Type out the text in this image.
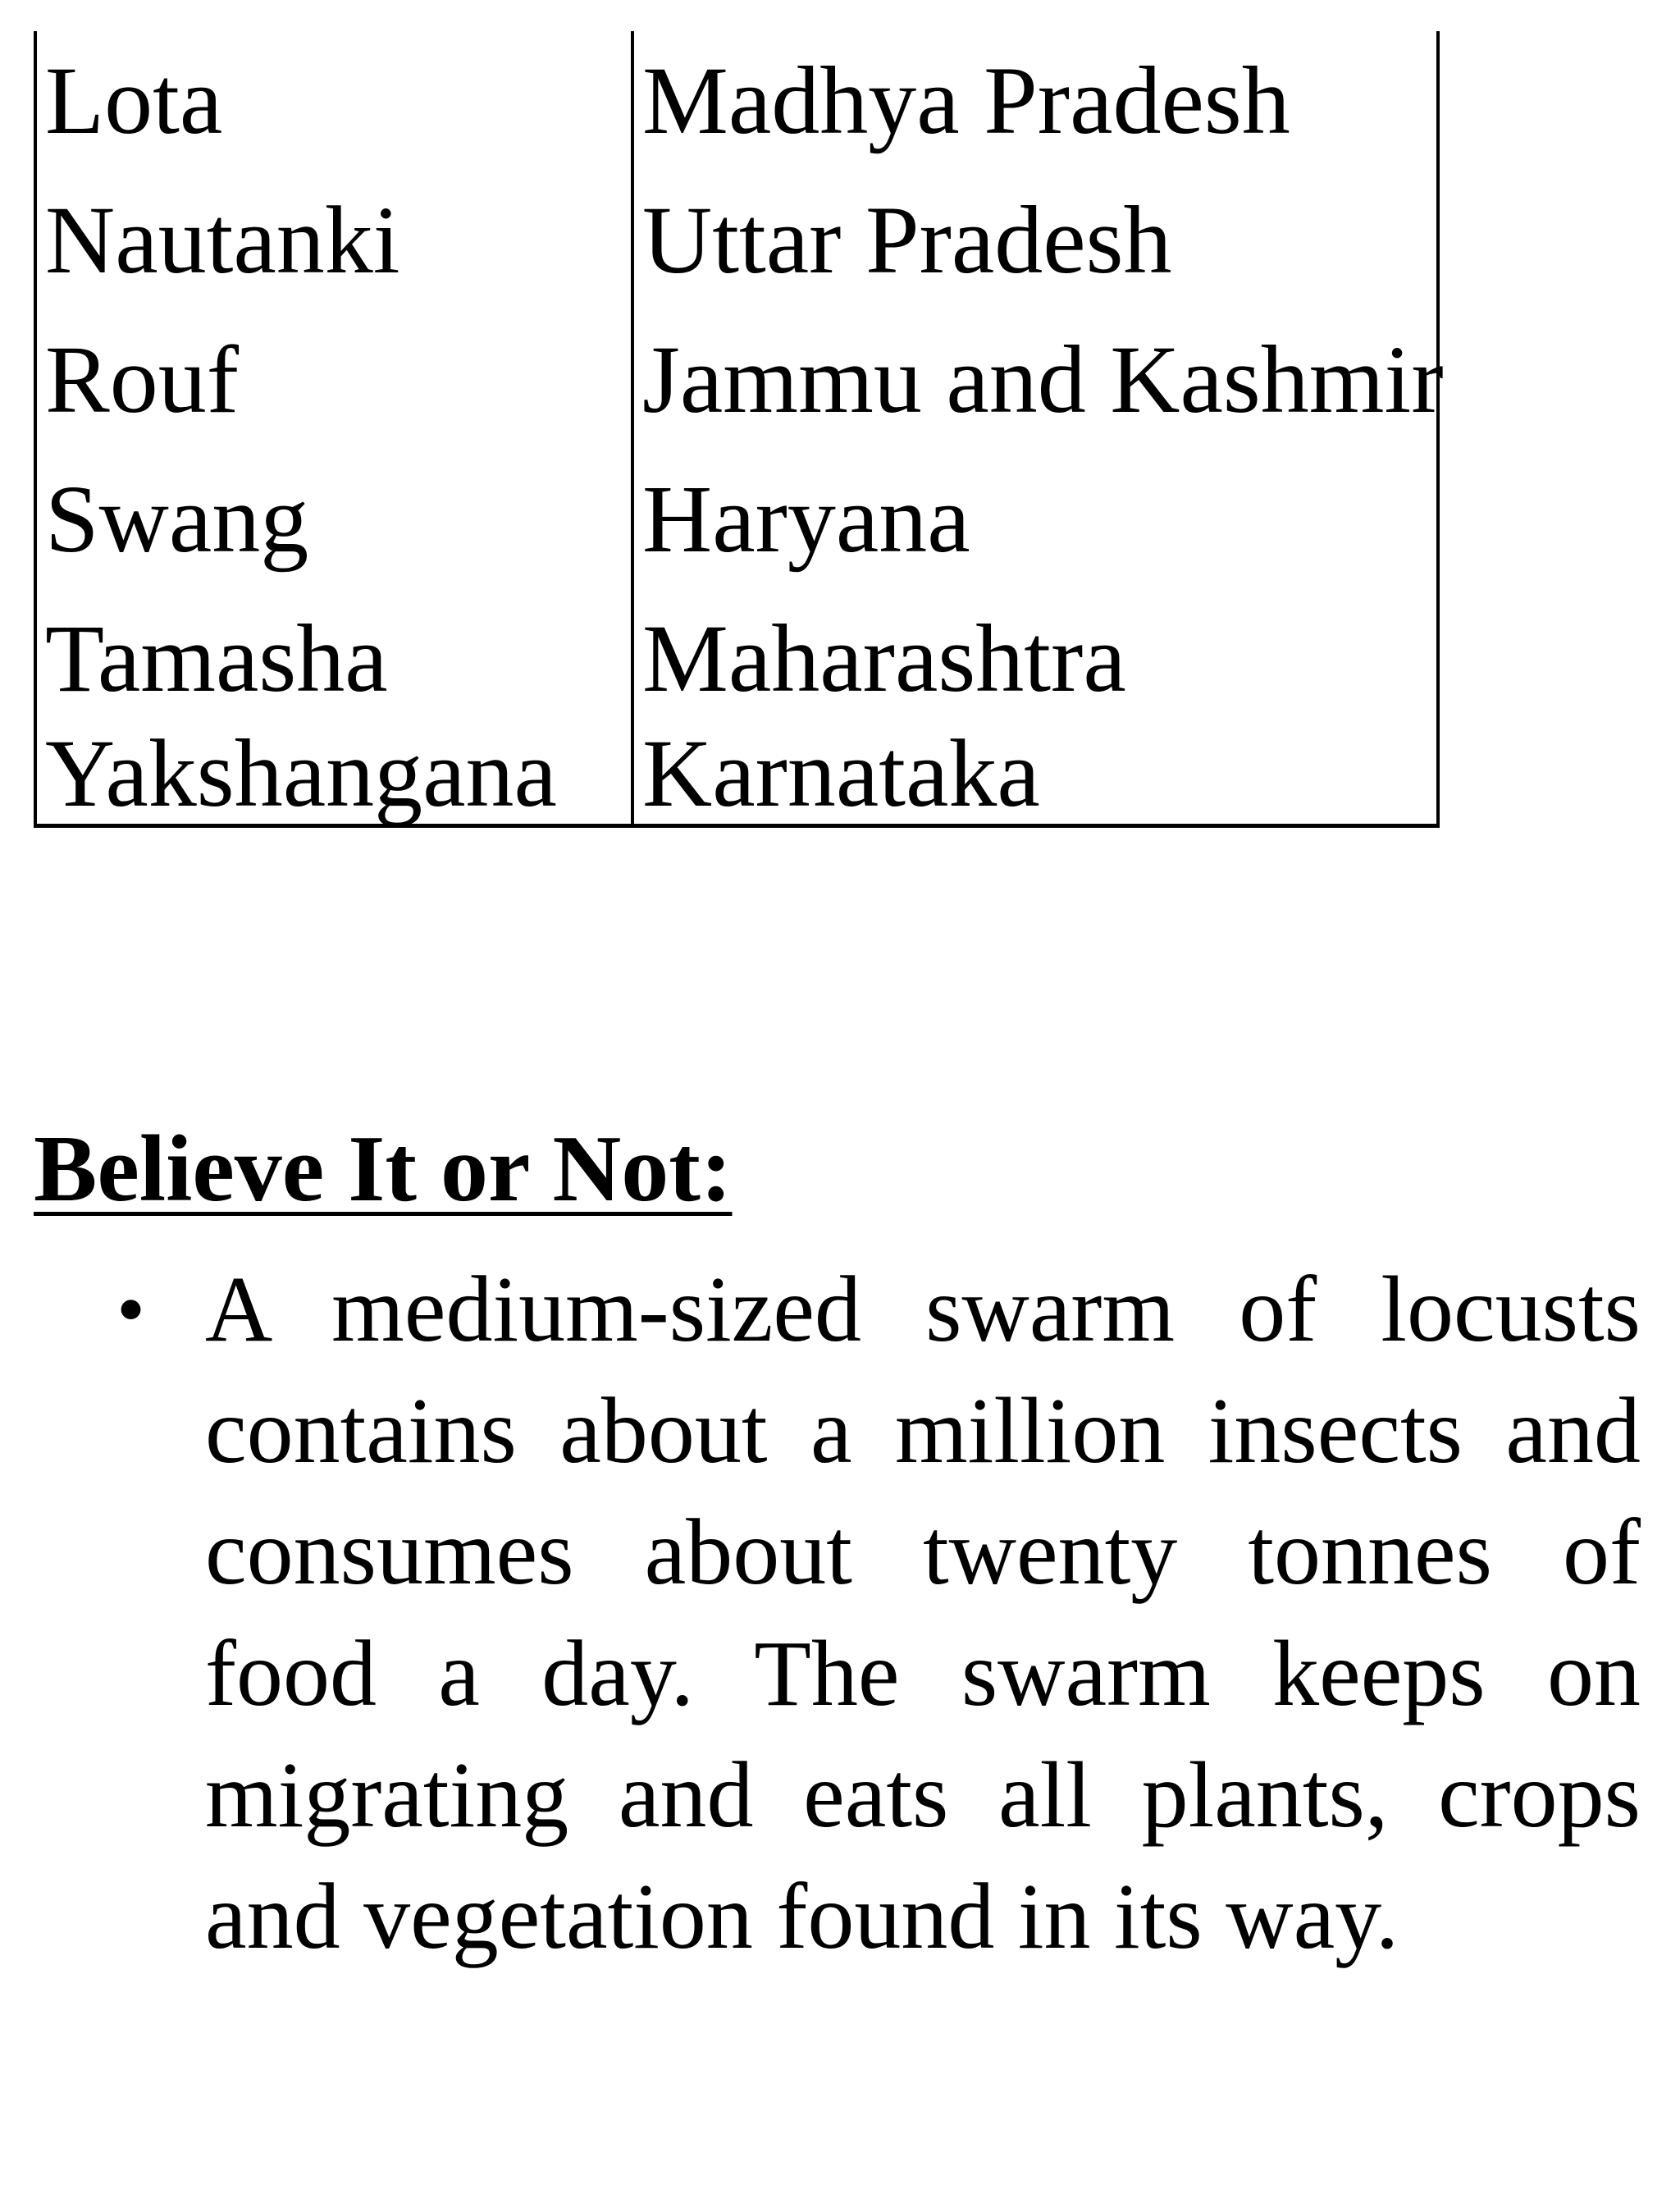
Lota	Madhya Pradesh
Nautanki	Uttar Pradesh
Rouf	Jammu and Kashmir
Swang	Haryana
Tamasha	Maharashtra
Yakshangana Karnataka
Believe It or Not:
• A medium-sized swarm of locusts contains about a million insects and consumes about twenty tonnes of food a day. The swarm keeps on migrating and eats all plants, crops and vegetation found in its way.
